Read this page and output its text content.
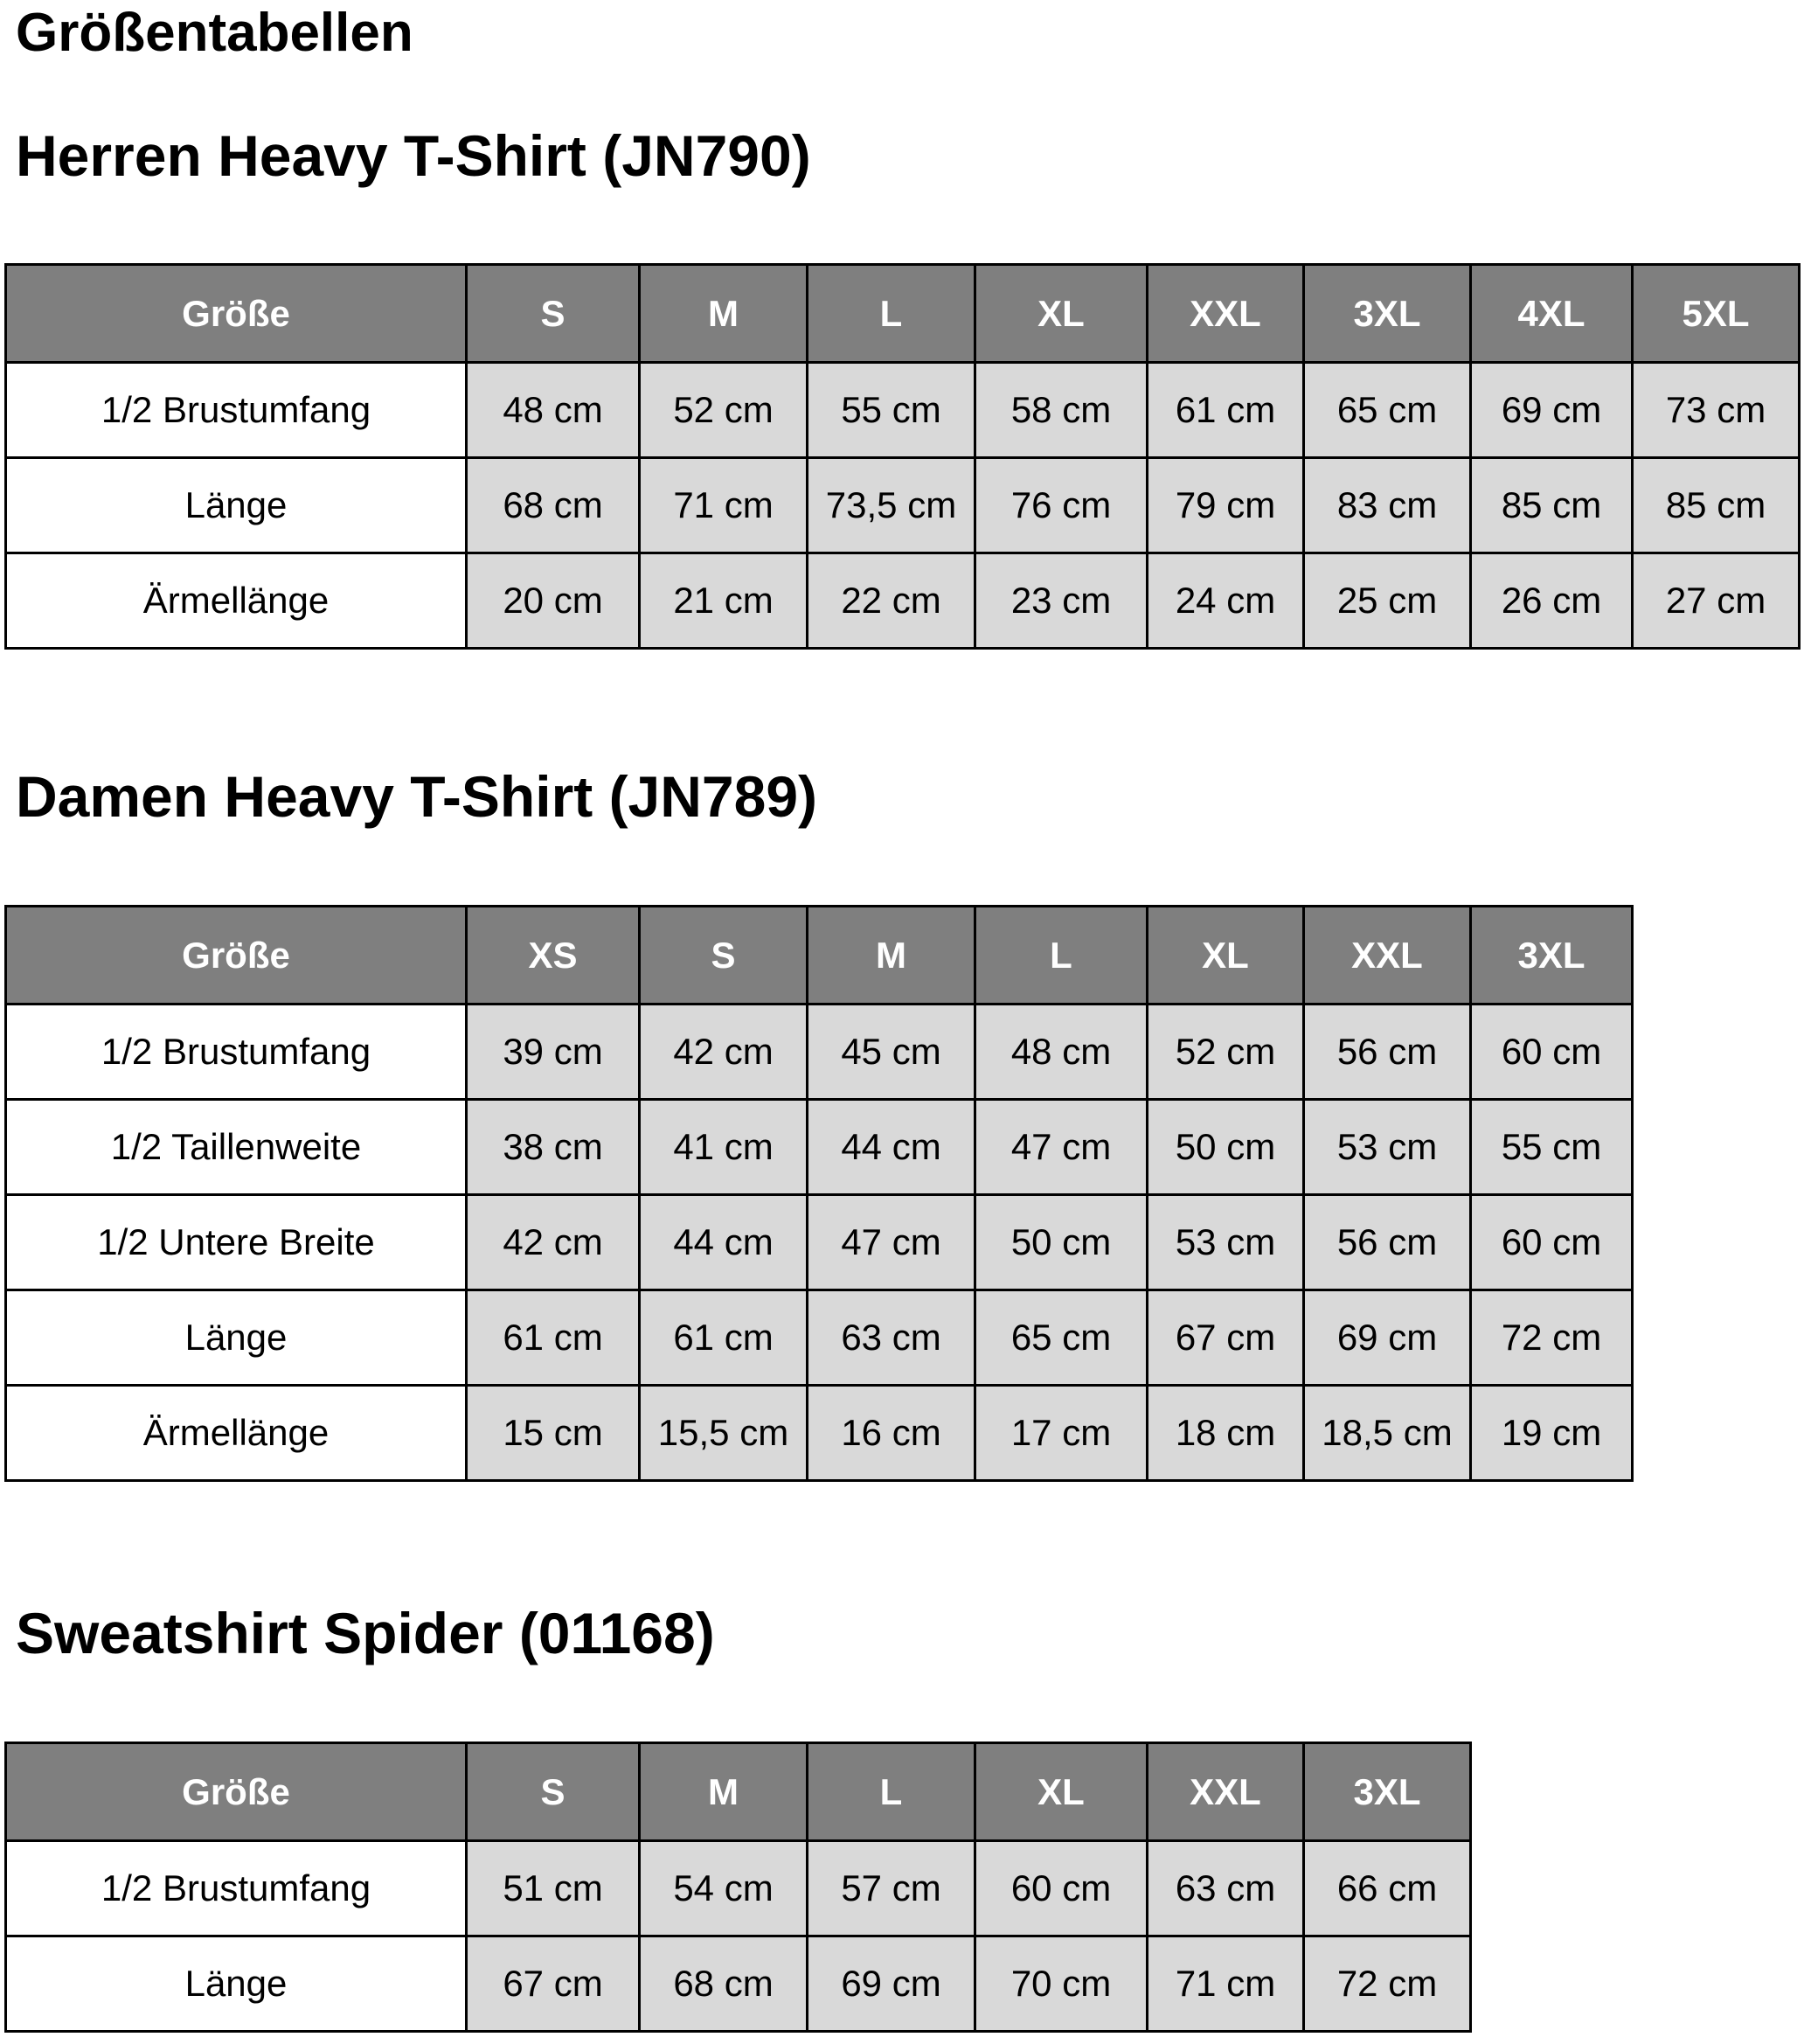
Größentabellen
Herren Heavy T-Shirt (JN790)
Größe	S	M	L	XL	XXL	3XL	4XL	5XL
1/2 Brustumfang	48 cm	52 cm	55 cm	58 cm	61 cm	65 cm	69 cm	73 cm
Länge	68 cm	71 cm	73,5 cm	76 cm	79 cm	83 cm	85 cm	85 cm
Ärmellänge	20 cm	21 cm	22 cm	23 cm	24 cm	25 cm	26 cm	27 cm
Damen Heavy T-Shirt (JN789)
Größe	XS	S	M	L	XL	XXL	3XL
1/2 Brustumfang	39 cm	42 cm	45 cm	48 cm	52 cm	56 cm	60 cm
1/2 Taillenweite	38 cm	41 cm	44 cm	47 cm	50 cm	53 cm	55 cm
1/2 Untere Breite	42 cm	44 cm	47 cm	50 cm	53 cm	56 cm	60 cm
Länge	61 cm	61 cm	63 cm	65 cm	67 cm	69 cm	72 cm
Ärmellänge	15 cm	15,5 cm	16 cm	17 cm	18 cm	18,5 cm	19 cm
Sweatshirt Spider (01168)
Größe	S	M	L	XL	XXL	3XL
1/2 Brustumfang	51 cm	54 cm	57 cm	60 cm	63 cm	66 cm
Länge	67 cm	68 cm	69 cm	70 cm	71 cm	72 cm
